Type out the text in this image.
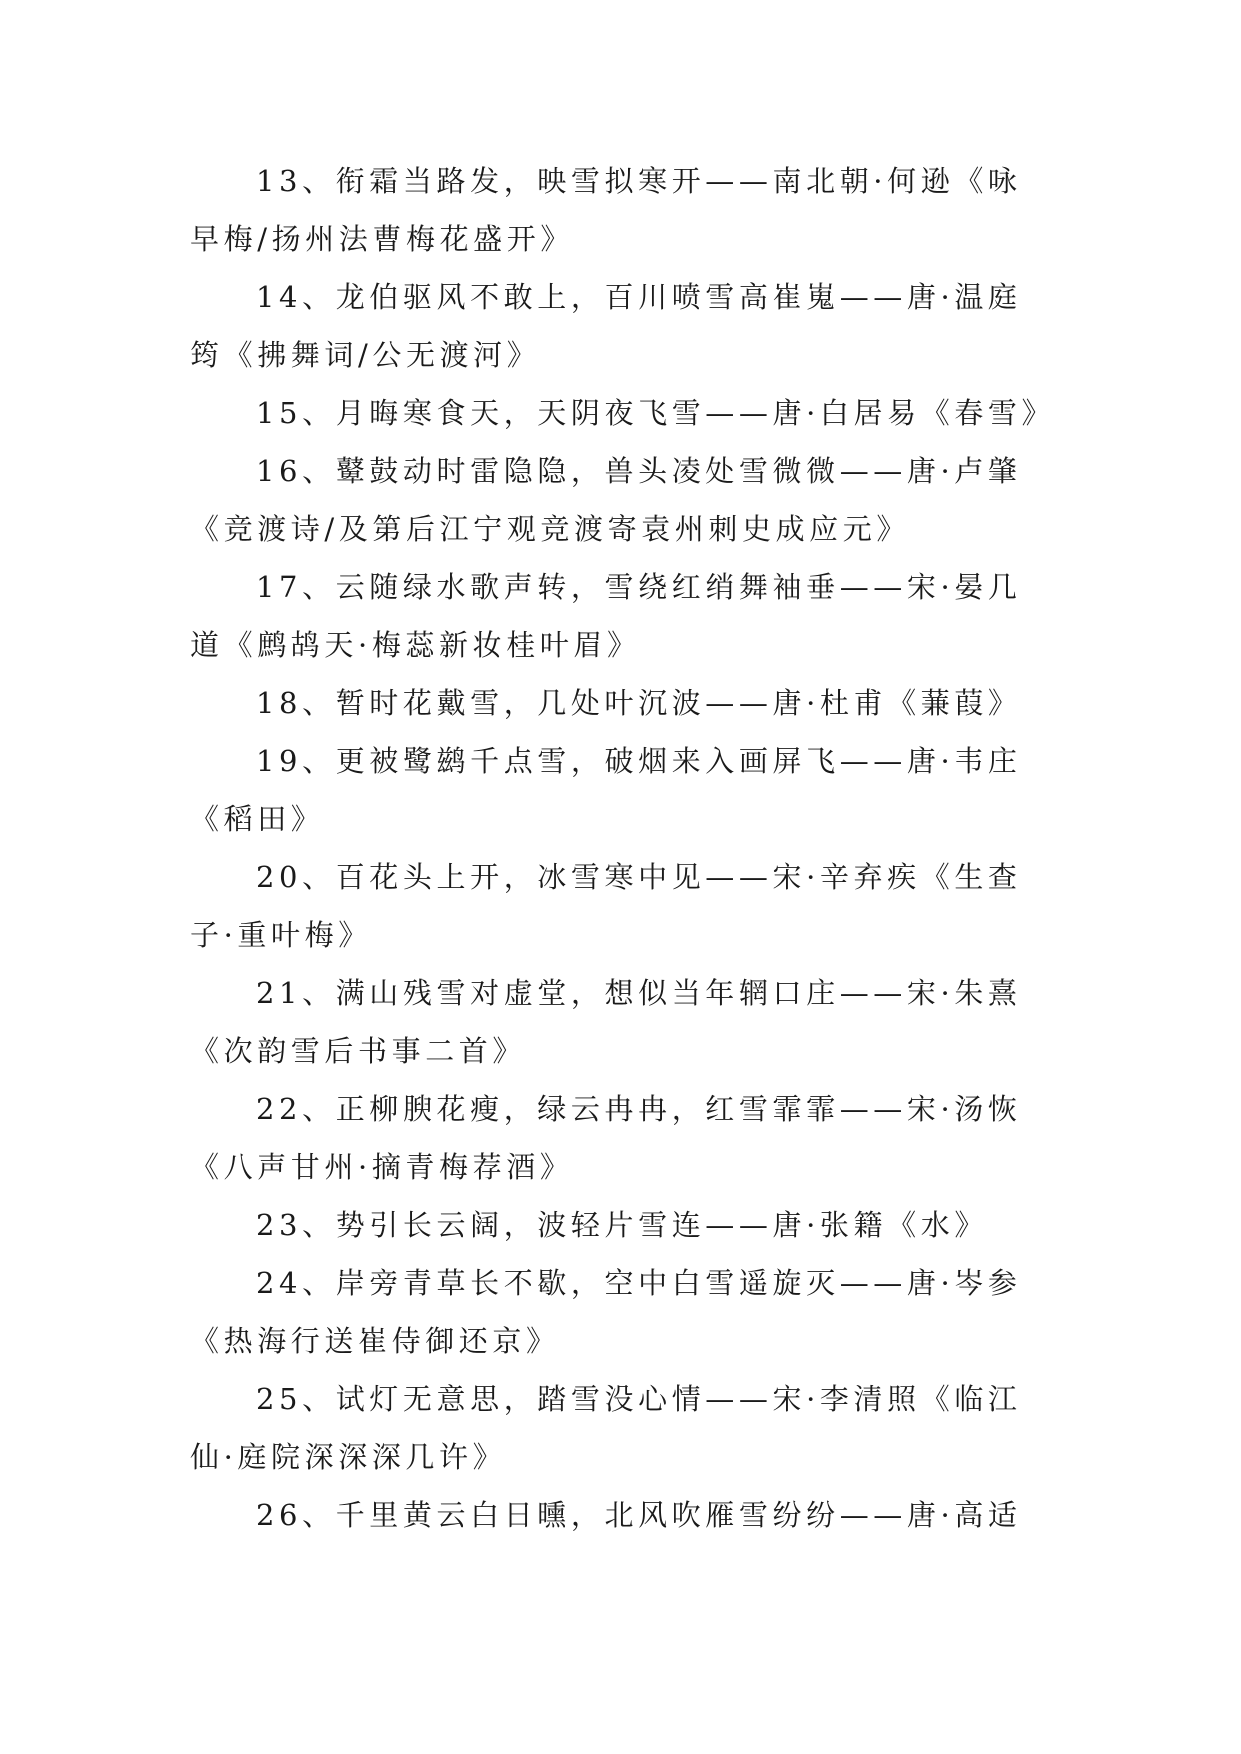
13、衔霜当路发，映雪拟寒开——南北朝·何逊《咏早梅/扬州法曹梅花盛开》

14、龙伯驱风不敢上，百川喷雪高崔嵬——唐·温庭筠《拂舞词/公无渡河》

15、月晦寒食天，天阴夜飞雪——唐·白居易《春雪》

16、鼙鼓动时雷隐隐，兽头凌处雪微微——唐·卢肇《竞渡诗/及第后江宁观竞渡寄袁州刺史成应元》

17、云随绿水歌声转，雪绕红绡舞袖垂——宋·晏几道《鹧鸪天·梅蕊新妆桂叶眉》

18、暂时花戴雪，几处叶沉波——唐·杜甫《蒹葭》

19、更被鹭鹚千点雪，破烟来入画屏飞——唐·韦庄《稻田》

20、百花头上开，冰雪寒中见——宋·辛弃疾《生查子·重叶梅》

21、满山残雪对虚堂，想似当年辋口庄——宋·朱熹《次韵雪后书事二首》

22、正柳腴花瘦，绿云冉冉，红雪霏霏——宋·汤恢《八声甘州·摘青梅荐酒》

23、势引长云阔，波轻片雪连——唐·张籍《水》

24、岸旁青草长不歇，空中白雪遥旋灭——唐·岑参《热海行送崔侍御还京》

25、试灯无意思，踏雪没心情——宋·李清照《临江仙·庭院深深深几许》

26、千里黄云白日曛，北风吹雁雪纷纷——唐·高适
